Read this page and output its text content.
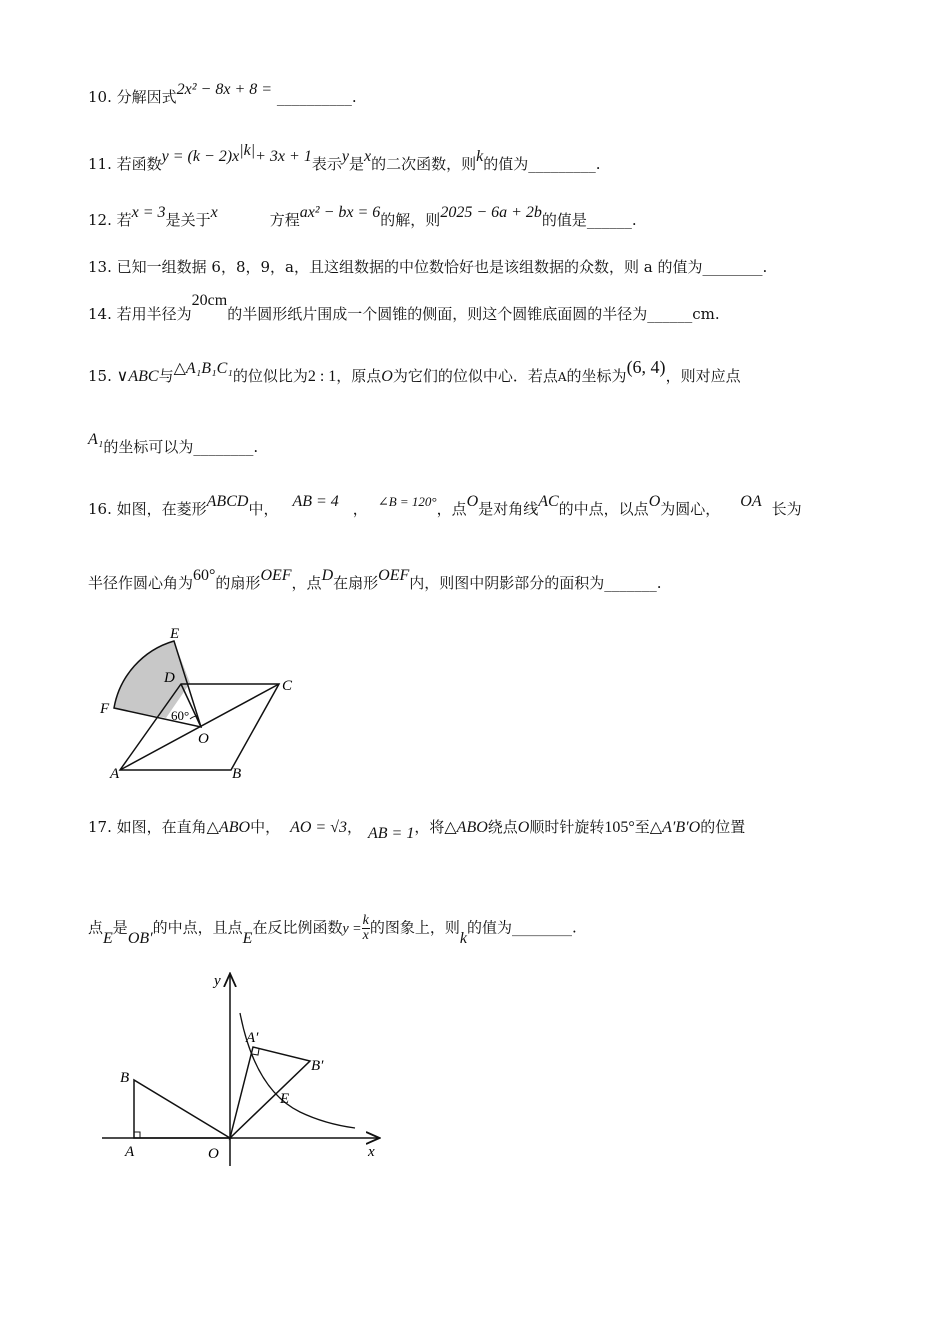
10. 分解因式2x² − 8x + 8 = __________.
11. 若函数$y = (k - 2)x^{|k|}+ 3x + 1$表示y是x的二次函数，则k的值为_________.
12. 若x = 3是关于x	方程ax² − bx = 6的解，则2025 − 6a + 2b的值是______.
13. 已知一组数据 6，8，9，a，且这组数据的中位数恰好也是该组数据的众数，则 a 的值为________.
14. 若用半径为20cm的半圆形纸片围成一个圆锥的侧面，则这个圆锥底面圆的半径为______cm.
15. ∨ABC与△A₁B₁C₁的位似比为2 : 1，原点O为它们的位似中心．若点A的坐标为(6, 4)，则对应点
A₁的坐标可以为________.
16. 如图，在菱形ABCD中， AB = 4 ， ∠B = 120°，点O是对角线AC的中点，以点O为圆心， OA 长为
半径作圆心角为60°的扇形OEF，点D在扇形OEF内，则图中阴影部分的面积为_______.
E
D	C
F	60°
O
A	B
17. 如图，在直角△ABO中， AO = √3， AB = 1，将△ABO绕点O顺时针旋转105°至△A′B′O的位置
点E是OB′的中点，且点E在反比例函数$y = \frac{k}{x}$ 的图象上，则k的值为________.
y
A′
B′
B
E
A	O	x
